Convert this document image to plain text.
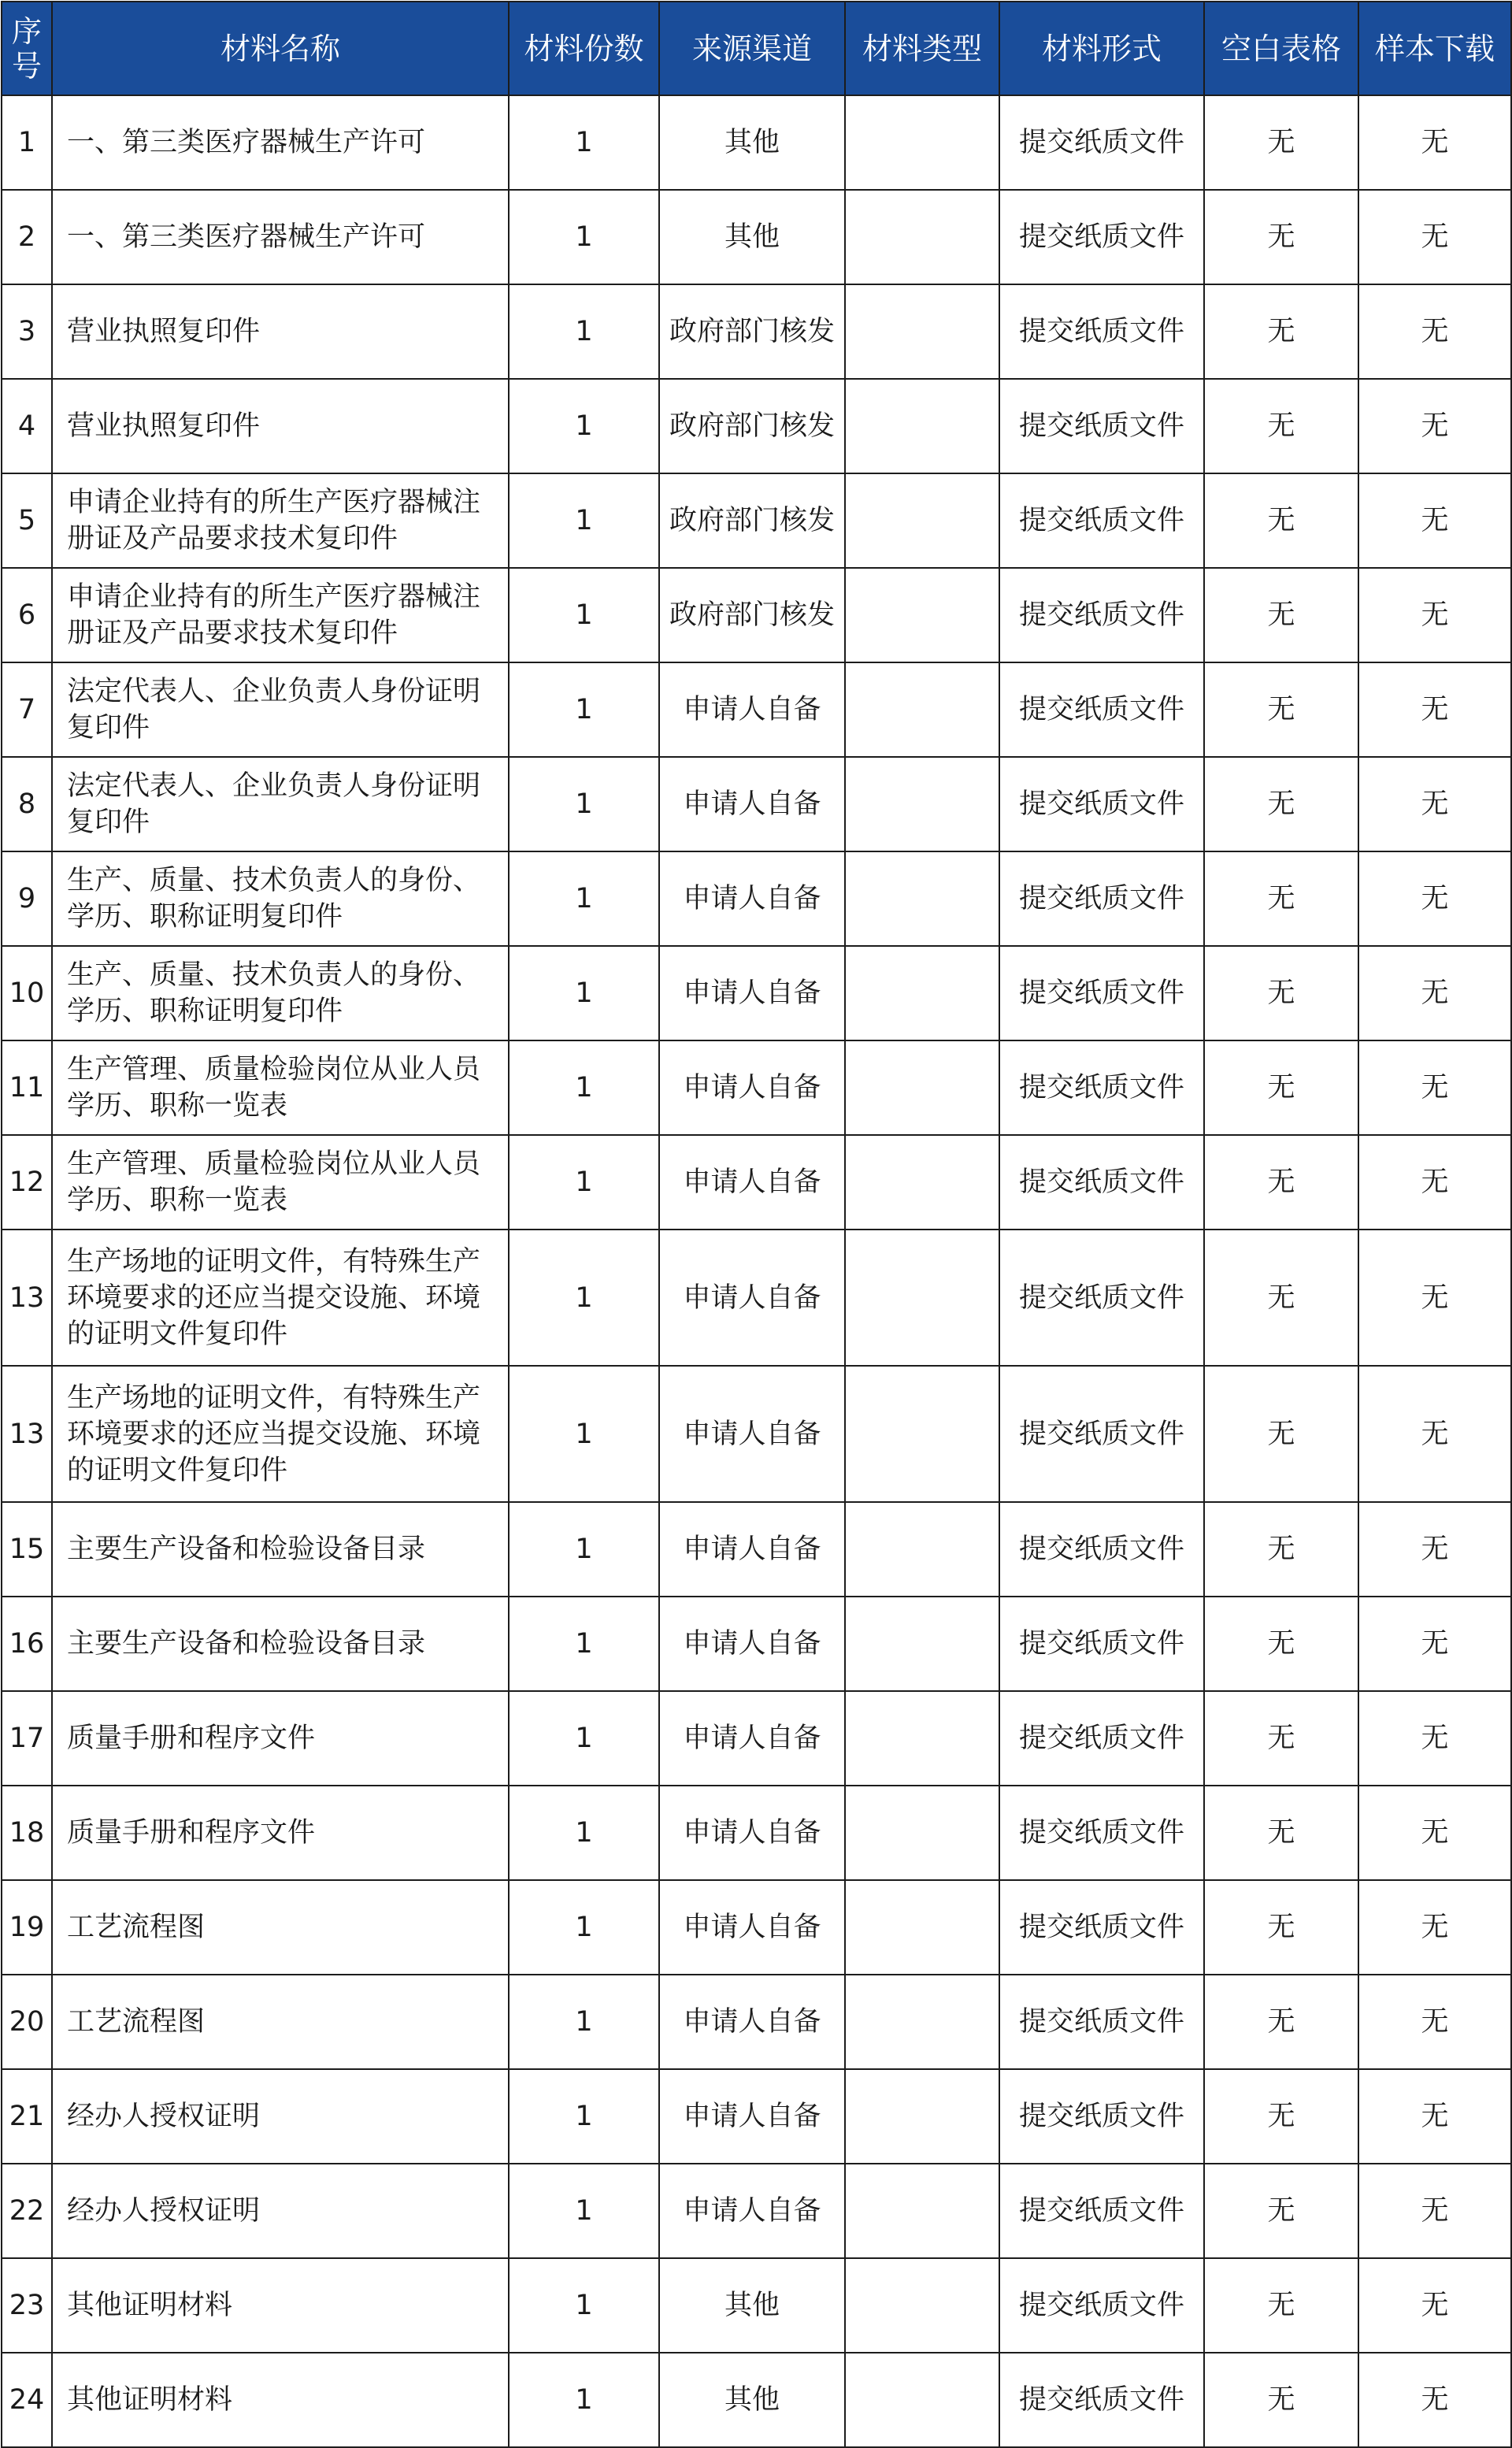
序号	材料名称	材料份数	来源渠道	材料类型	材料形式	空白表格	样本下载
1	一、第三类医疗器械生产许可	1	其他		提交纸质文件	无	无
2	一、第三类医疗器械生产许可	1	其他		提交纸质文件	无	无
3	营业执照复印件	1	政府部门核发		提交纸质文件	无	无
4	营业执照复印件	1	政府部门核发		提交纸质文件	无	无
5	申请企业持有的所生产医疗器械注册证及产品要求技术复印件	1	政府部门核发		提交纸质文件	无	无
6	申请企业持有的所生产医疗器械注册证及产品要求技术复印件	1	政府部门核发		提交纸质文件	无	无
7	法定代表人、企业负责人身份证明复印件	1	申请人自备		提交纸质文件	无	无
8	法定代表人、企业负责人身份证明复印件	1	申请人自备		提交纸质文件	无	无
9	生产、质量、技术负责人的身份、学历、职称证明复印件	1	申请人自备		提交纸质文件	无	无
10	生产、质量、技术负责人的身份、学历、职称证明复印件	1	申请人自备		提交纸质文件	无	无
11	生产管理、质量检验岗位从业人员学历、职称一览表	1	申请人自备		提交纸质文件	无	无
12	生产管理、质量检验岗位从业人员学历、职称一览表	1	申请人自备		提交纸质文件	无	无
13	生产场地的证明文件，有特殊生产环境要求的还应当提交设施、环境的证明文件复印件	1	申请人自备		提交纸质文件	无	无
13	生产场地的证明文件，有特殊生产环境要求的还应当提交设施、环境的证明文件复印件	1	申请人自备		提交纸质文件	无	无
15	主要生产设备和检验设备目录	1	申请人自备		提交纸质文件	无	无
16	主要生产设备和检验设备目录	1	申请人自备		提交纸质文件	无	无
17	质量手册和程序文件	1	申请人自备		提交纸质文件	无	无
18	质量手册和程序文件	1	申请人自备		提交纸质文件	无	无
19	工艺流程图	1	申请人自备		提交纸质文件	无	无
20	工艺流程图	1	申请人自备		提交纸质文件	无	无
21	经办人授权证明	1	申请人自备		提交纸质文件	无	无
22	经办人授权证明	1	申请人自备		提交纸质文件	无	无
23	其他证明材料	1	其他		提交纸质文件	无	无
24	其他证明材料	1	其他		提交纸质文件	无	无
